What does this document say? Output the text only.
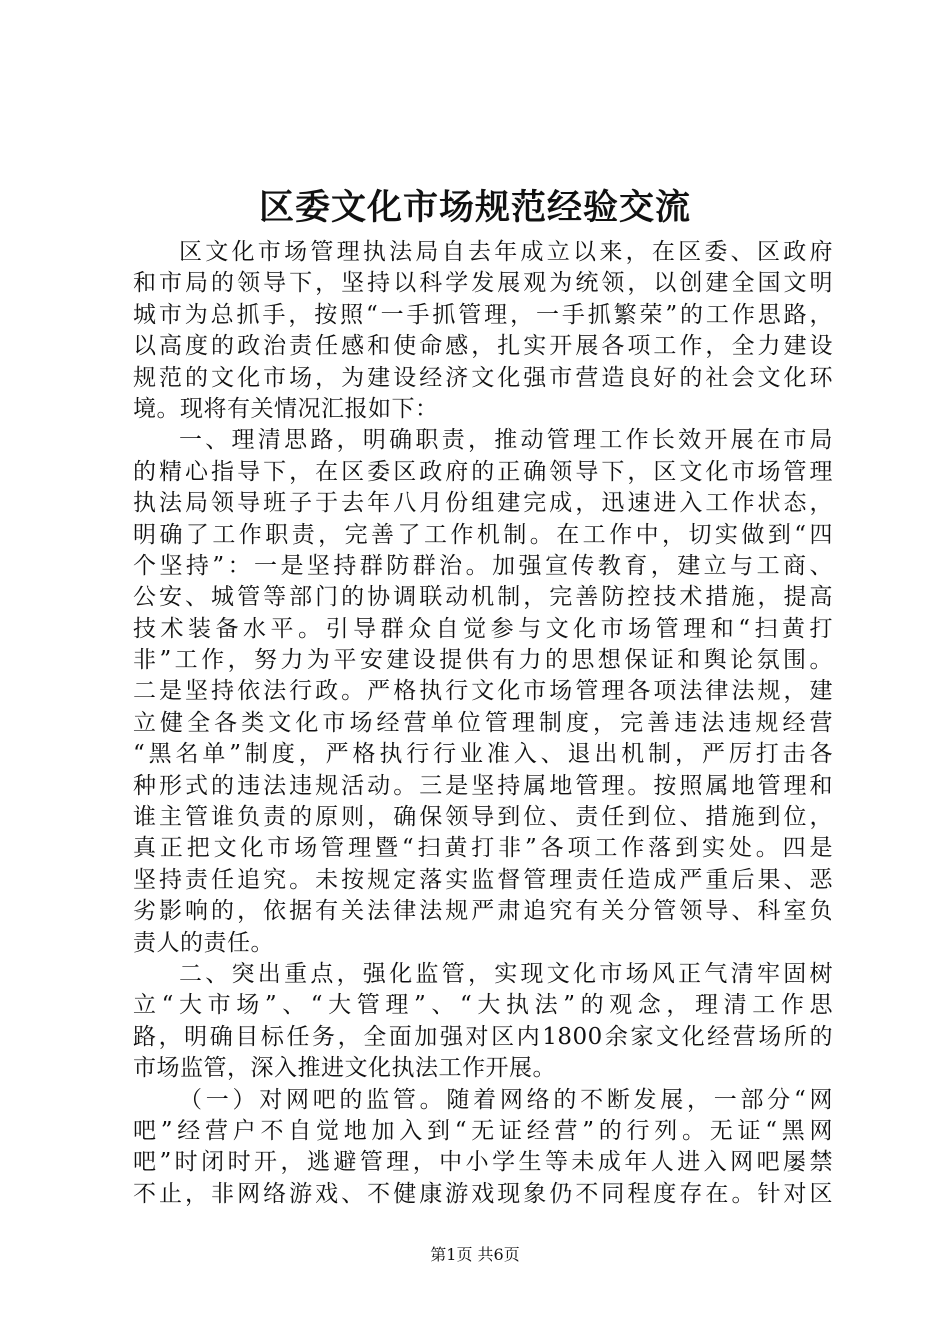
区委文化市场规范经验交流
区文化市场管理执法局自去年成立以来，在区委、区政府
和市局的领导下，坚持以科学发展观为统领，以创建全国文明
城市为总抓手，按照“一手抓管理，一手抓繁荣”的工作思路，
以高度的政治责任感和使命感，扎实开展各项工作，全力建设
规范的文化市场，为建设经济文化强市营造良好的社会文化环
境。现将有关情况汇报如下：
一、理清思路，明确职责，推动管理工作长效开展在市局
的精心指导下，在区委区政府的正确领导下，区文化市场管理
执法局领导班子于去年八月份组建完成，迅速进入工作状态，
明确了工作职责，完善了工作机制。在工作中，切实做到“四
个坚持”：一是坚持群防群治。加强宣传教育，建立与工商、
公安、城管等部门的协调联动机制，完善防控技术措施，提高
技术装备水平。引导群众自觉参与文化市场管理和“扫黄打
非”工作，努力为平安建设提供有力的思想保证和舆论氛围。
二是坚持依法行政。严格执行文化市场管理各项法律法规，建
立健全各类文化市场经营单位管理制度，完善违法违规经营
“黑名单”制度，严格执行行业准入、退出机制，严厉打击各
种形式的违法违规活动。三是坚持属地管理。按照属地管理和
谁主管谁负责的原则，确保领导到位、责任到位、措施到位，
真正把文化市场管理暨“扫黄打非”各项工作落到实处。四是
坚持责任追究。未按规定落实监督管理责任造成严重后果、恶
劣影响的，依据有关法律法规严肃追究有关分管领导、科室负
责人的责任。
二、突出重点，强化监管，实现文化市场风正气清牢固树
立“大市场”、“大管理”、“大执法”的观念，理清工作思
路，明确目标任务，全面加强对区内1800余家文化经营场所的
市场监管，深入推进文化执法工作开展。
（一）对网吧的监管。随着网络的不断发展，一部分“网
吧”经营户不自觉地加入到“无证经营”的行列。无证“黑网
吧”时闭时开，逃避管理，中小学生等未成年人进入网吧屡禁
不止，非网络游戏、不健康游戏现象仍不同程度存在。针对区
第1页 共6页
